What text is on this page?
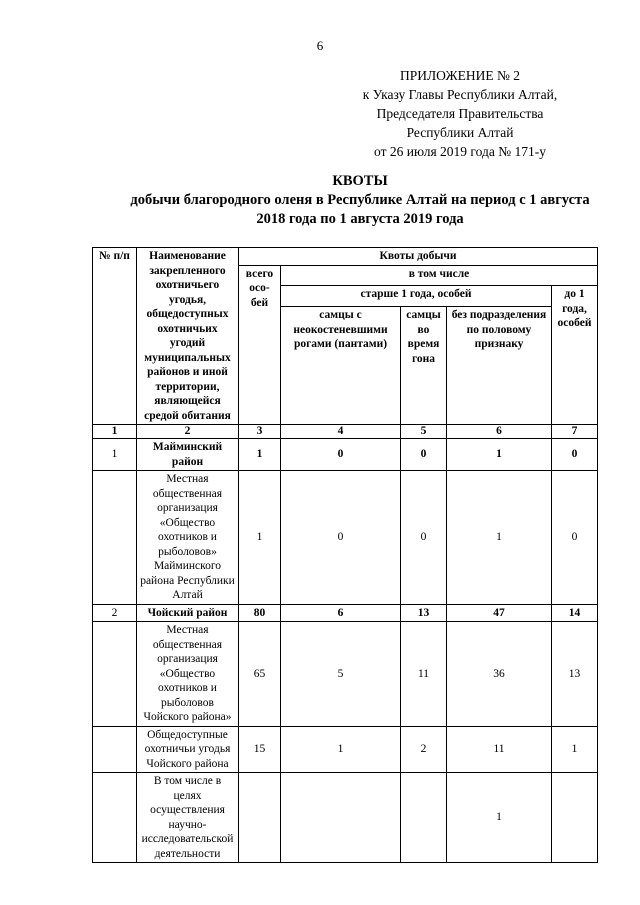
6
ПРИЛОЖЕНИЕ № 2
к Указу Главы Республики Алтай,
Председателя Правительства
Республики Алтай
от 26 июля 2019 года № 171-у
КВОТЫ
добычи благородного оленя в Республике Алтай на период с 1 августа
2018 года по 1 августа 2019 года
№ п/п	Наименование закрепленного охотничьего угодья, общедоступных охотничьих угодий муниципальных районов и иной территории, являющейся средой обитания	Квоты добычи				
		всего осо-бей	в том числе			
			старше 1 года, особей			до 1 года, особей
			самцы с неокостеневшими рогами (пантами)	самцы во время гона	без подразделения по половому признаку	
1	2	3	4	5	6	7
1	Майминский район	1	0	0	1	0
	Местная общественная организация «Общество охотников и рыболовов» Майминского района Республики Алтай	1	0	0	1	0
2	Чойский район	80	6	13	47	14
	Местная общественная организация «Общество охотников и рыболовов Чойского района»	65	5	11	36	13
	Общедоступные охотничьи угодья Чойского района	15	1	2	11	1
	В том числе в целях осуществления научно-исследовательской деятельности				1	
